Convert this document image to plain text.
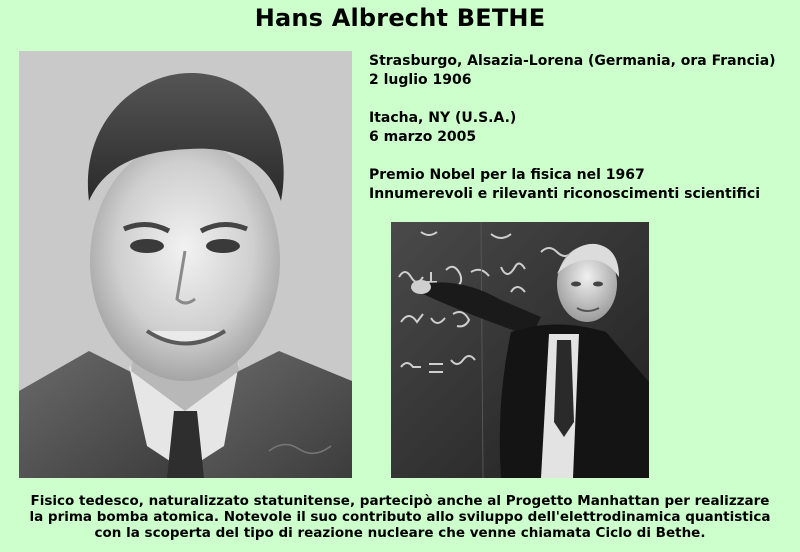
Hans Albrecht BETHE
Strasburgo, Alsazia-Lorena (Germania, ora Francia)
2 luglio 1906
Itacha, NY (U.S.A.)
6 marzo 2005
Premio Nobel per la fisica nel 1967
Innumerevoli e rilevanti riconoscimenti scientifici
Fisico tedesco, naturalizzato statunitense, partecipò anche al Progetto Manhattan per realizzare
la prima bomba atomica. Notevole il suo contributo allo sviluppo dell'elettrodinamica quantistica
con la scoperta del tipo di reazione nucleare che venne chiamata Ciclo di Bethe.
